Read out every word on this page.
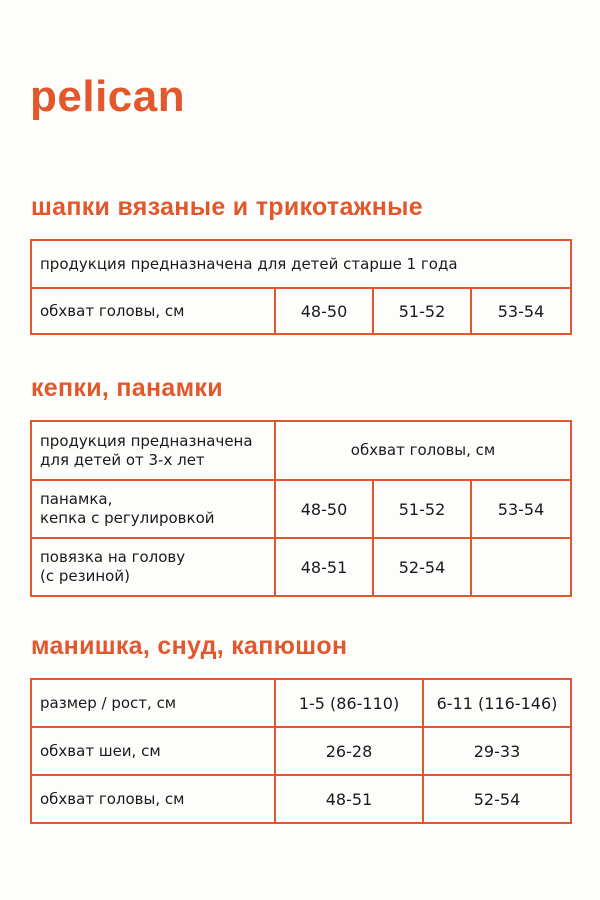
pelican
шапки вязаные и трикотажные
продукция предназначена для детей старше 1 года
обхват головы, см	48-50	51-52	53-54
кепки, панамки
продукция предназначена
для детей от 3-х лет	обхват головы, см		

панамка,
кепка с регулировкой	48-50	51-52	53-54

повязка на голову
(с резиной)	48-51	52-54	
манишка, снуд, капюшон
размер / рост, см	1-5 (86-110)	6-11 (116-146)
обхват шеи, см	26-28	29-33
обхват головы, см	48-51	52-54
